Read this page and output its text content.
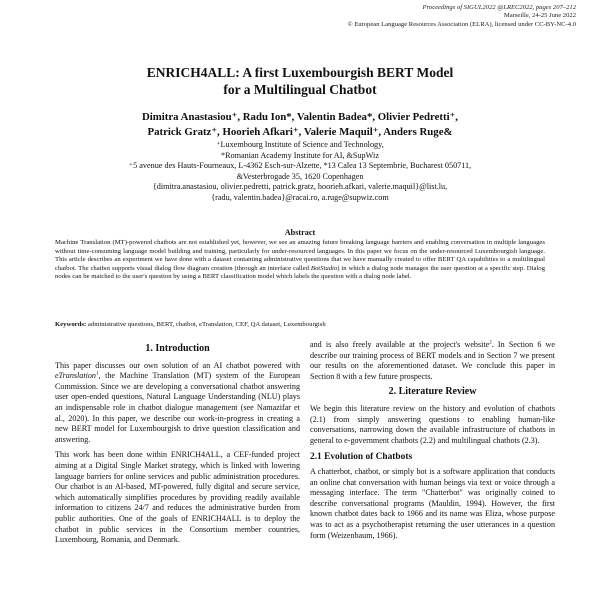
Proceedings of SIGUL2022 @LREC2022, pages 207–212
Marseille, 24-25 June 2022
© European Language Resources Association (ELRA), licensed under CC-BY-NC-4.0
ENRICH4ALL: A first Luxembourgish BERT Model
for a Multilingual Chatbot
Dimitra Anastasiou⁺, Radu Ion*, Valentin Badea*, Olivier Pedretti⁺,
Patrick Gratz⁺, Hoorieh Afkari⁺, Valerie Maquil⁺, Anders Ruge&
⁺Luxembourg Institute of Science and Technology,
*Romanian Academy Institute for AI, &SupWiz
⁺5 avenue des Hauts-Fourneaux, L-4362 Esch-sur-Alzette, *13 Calea 13 Septembrie, Bucharest 050711,
&Vesterbrogade 35, 1620 Copenhagen
{dimitra.anastasiou, olivier.pedretti, patrick.gratz, hoorieh.afkari, valerie.maquil}@list.lu,
{radu, valentin.badea}@racai.ro, a.ruge@supwiz.com
Abstract
Machine Translation (MT)-powered chatbots are not established yet, however, we see an amazing future breaking language barriers and enabling conversation in multiple languages without time-consuming language model building and training, particularly for under-resourced languages. In this paper we focus on the under-resourced Luxembourgish language. This article describes an experiment we have done with a dataset containing administrative questions that we have manually created to offer BERT QA capabilities to a multilingual chatbot. The chatbot supports visual dialog flow diagram creation (through an interface called BotStudio) in which a dialog node manages the user question at a specific step. Dialog nodes can be matched to the user's question by using a BERT classification model which labels the question with a dialog node label.
Keywords: administrative questions, BERT, chatbot, eTranslation, CEF, QA dataset, Luxembourgish
1. Introduction
This paper discusses our own solution of an AI chatbot powered with eTranslation$^1$, the Machine Translation (MT) system of the European Commission. Since we are developing a conversational chatbot answering user open-ended questions, Natural Language Understanding (NLU) plays an indispensable role in chatbot dialogue management (see Namazifar et al., 2020). In this paper, we describe our work-in-progress in creating a new BERT model for Luxembourgish to drive question classification and answering.
This work has been done within ENRICH4ALL, a CEF-funded project aiming at a Digital Single Market strategy, which is linked with lowering language barriers for online services and public administration procedures. Our chatbot is an AI-based, MT-powered, fully digital and secure service, which automatically simplifies procedures by providing readily available information to citizens 24/7 and reduces the administrative burden from public authorities. One of the goals of ENRICH4ALL is to deploy the chatbot in public services in the Consortium member countries, Luxembourg, Romania, and Denmark.
and is also freely available at the project's website$^2$. In Section 6 we describe our training process of BERT models and in Section 7 we present our results on the aforementioned dataset. We conclude this paper in Section 8 with a few future prospects.
2. Literature Review
We begin this literature review on the history and evolution of chatbots (2.1) from simply answering questions to enabling human-like conversations, narrowing down the available infrastructure of chatbots in general to e-government chatbots (2.2) and multilingual chatbots (2.3).
2.1 Evolution of Chatbots
A chatterbot, chatbot, or simply bot is a software application that conducts an online chat conversation with human beings via text or voice through a messaging interface. The term "Chatterbot" was originally coined to describe conversational programs (Mauldin, 1994). However, the first known chatbot dates back to 1966 and its name was Eliza, whose purpose was to act as a psychotherapist returning the user utterances in a question form (Weizenbaum, 1966).
